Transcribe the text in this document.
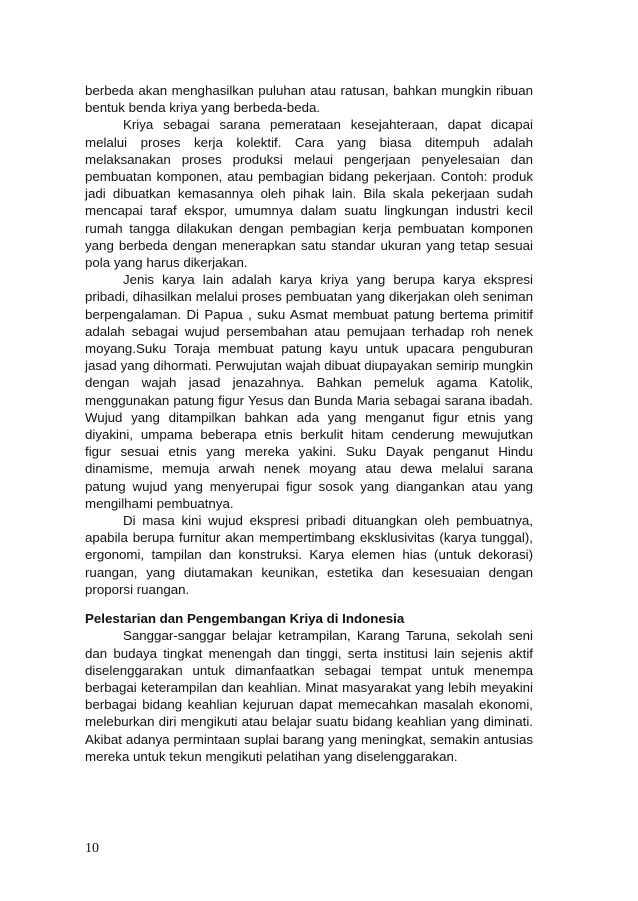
berbeda akan menghasilkan puluhan atau ratusan, bahkan mungkin ribuan bentuk benda kriya yang berbeda-beda.

Kriya sebagai sarana pemerataan kesejahteraan, dapat dicapai melalui proses kerja kolektif. Cara yang biasa ditempuh adalah melaksanakan proses produksi melaui pengerjaan penyelesaian dan pembuatan komponen, atau pembagian bidang pekerjaan. Contoh: produk jadi dibuatkan kemasannya oleh pihak lain. Bila skala pekerjaan sudah mencapai taraf ekspor, umumnya dalam suatu lingkungan industri kecil rumah tangga dilakukan dengan pembagian kerja pembuatan komponen yang berbeda dengan menerapkan satu standar ukuran yang tetap sesuai pola yang harus dikerjakan.

Jenis karya lain adalah karya kriya yang berupa karya ekspresi pribadi, dihasilkan melalui proses pembuatan yang dikerjakan oleh seniman berpengalaman. Di Papua , suku Asmat membuat patung bertema primitif adalah sebagai wujud persembahan atau pemujaan terhadap roh nenek moyang.Suku Toraja membuat patung kayu untuk upacara penguburan jasad yang dihormati. Perwujutan wajah dibuat diupayakan semirip mungkin dengan wajah jasad jenazahnya. Bahkan pemeluk agama Katolik, menggunakan patung figur Yesus dan Bunda Maria sebagai sarana ibadah. Wujud yang ditampilkan bahkan ada yang menganut figur etnis yang diyakini, umpama beberapa etnis berkulit hitam cenderung mewujutkan figur sesuai etnis yang mereka yakini. Suku Dayak penganut Hindu dinamisme, memuja arwah nenek moyang atau dewa melalui sarana patung wujud yang menyerupai figur sosok yang diangankan atau yang mengilhami pembuatnya.

Di masa kini wujud ekspresi pribadi dituangkan oleh pembuatnya, apabila berupa furnitur akan mempertimbang eksklusivitas (karya tunggal), ergonomi, tampilan dan konstruksi. Karya elemen hias (untuk dekorasi) ruangan, yang diutamakan keunikan, estetika dan kesesuaian dengan proporsi ruangan.

Pelestarian dan Pengembangan Kriya di Indonesia

Sanggar-sanggar belajar ketrampilan, Karang Taruna, sekolah seni dan budaya tingkat menengah dan tinggi, serta institusi lain sejenis aktif diselenggarakan untuk dimanfaatkan sebagai tempat untuk menempa berbagai keterampilan dan keahlian. Minat masyarakat yang lebih meyakini berbagai bidang keahlian kejuruan dapat memecahkan masalah ekonomi, meleburkan diri mengikuti atau belajar suatu bidang keahlian yang diminati. Akibat adanya permintaan suplai barang yang meningkat, semakin antusias mereka untuk tekun mengikuti pelatihan yang diselenggarakan.

10
